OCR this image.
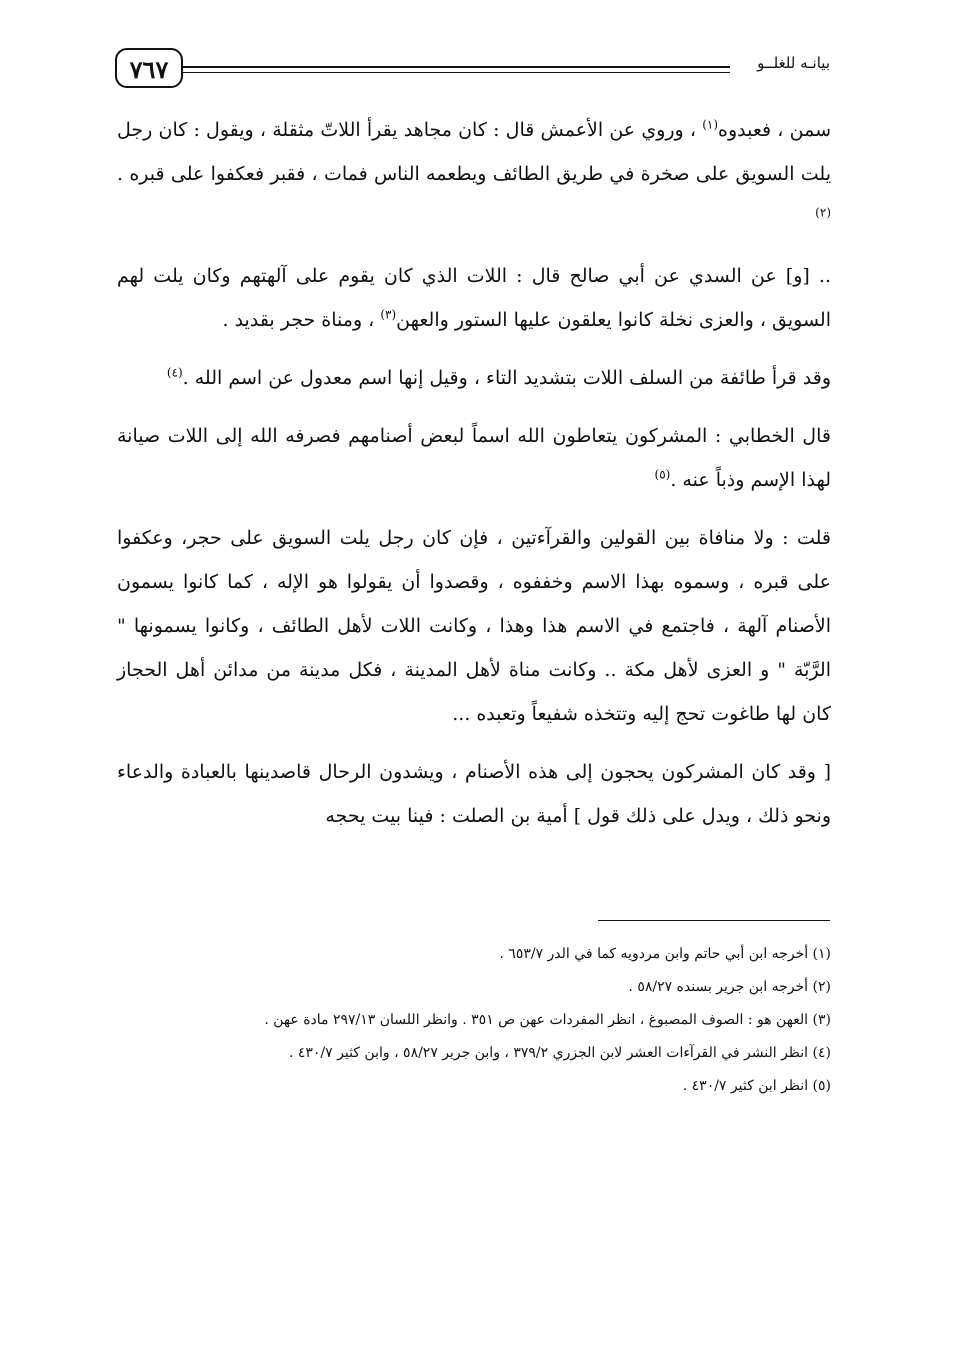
٧٦٧	بيانـه للغلــو

سمن ، فعبدوه$^{(١)}$ ، وروي عن الأعمش قال : كان مجاهد يقرأ اللاتّ مثقلة ، ويقول : كان رجل يلت السويق على صخرة في طريق الطائف ويطعمه الناس فمات ، فقبر فعكفوا على قبره .$^{(٢)}$

.. [و] عن السدي عن أبي صالح قال : اللات الذي كان يقوم على آلهتهم وكان يلت لهم السويق ، والعزى نخلة كانوا يعلقون عليها الستور والعهن$^{(٣)}$ ، ومناة حجر بقديد .

وقد قرأ طائفة من السلف اللات بتشديد التاء ، وقيل إنها اسم معدول عن اسم الله .$^{(٤)}$

قال الخطابي : المشركون يتعاطون الله اسماً لبعض أصنامهم فصرفه الله إلى اللات صيانة لهذا الإسم وذباً عنه .$^{(٥)}$

قلت : ولا منافاة بين القولين والقرآءتين ، فإن كان رجل يلت السويق على حجر، وعكفوا على قبره ، وسموه بهذا الاسم وخففوه ، وقصدوا أن يقولوا هو الإله ، كما كانوا يسمون الأصنام آلهة ، فاجتمع في الاسم هذا وهذا ، وكانت اللات لأهل الطائف ، وكانوا يسمونها " الرَّبّة " و العزى لأهل مكة .. وكانت مناة لأهل المدينة ، فكل مدينة من مدائن أهل الحجاز كان لها طاغوت تحج إليه وتتخذه شفيعاً وتعبده ...

[ وقد كان المشركون يحجون إلى هذه الأصنام ، ويشدون الرحال قاصدينها بالعبادة والدعاء ونحو ذلك ، ويدل على ذلك قول ] أمية بن الصلت : فينا بيت يحجه

(١) أخرجه ابن أبي حاتم وابن مردويه كما في الدر ٦٥٣/٧ .

(٢) أخرجه ابن جرير بسنده ٥٨/٢٧ .

(٣) العهن هو : الصوف المصبوغ ، انظر المفردات عهن ص ٣٥١ . وانظر اللسان ٢٩٧/١٣ مادة عهن .

(٤) انظر النشر في القرآءات العشر لابن الجزري ٣٧٩/٢ ، وابن جرير ٥٨/٢٧ ، وابن كثير ٤٣٠/٧ .

(٥) انظر ابن كثير ٤٣٠/٧ .
